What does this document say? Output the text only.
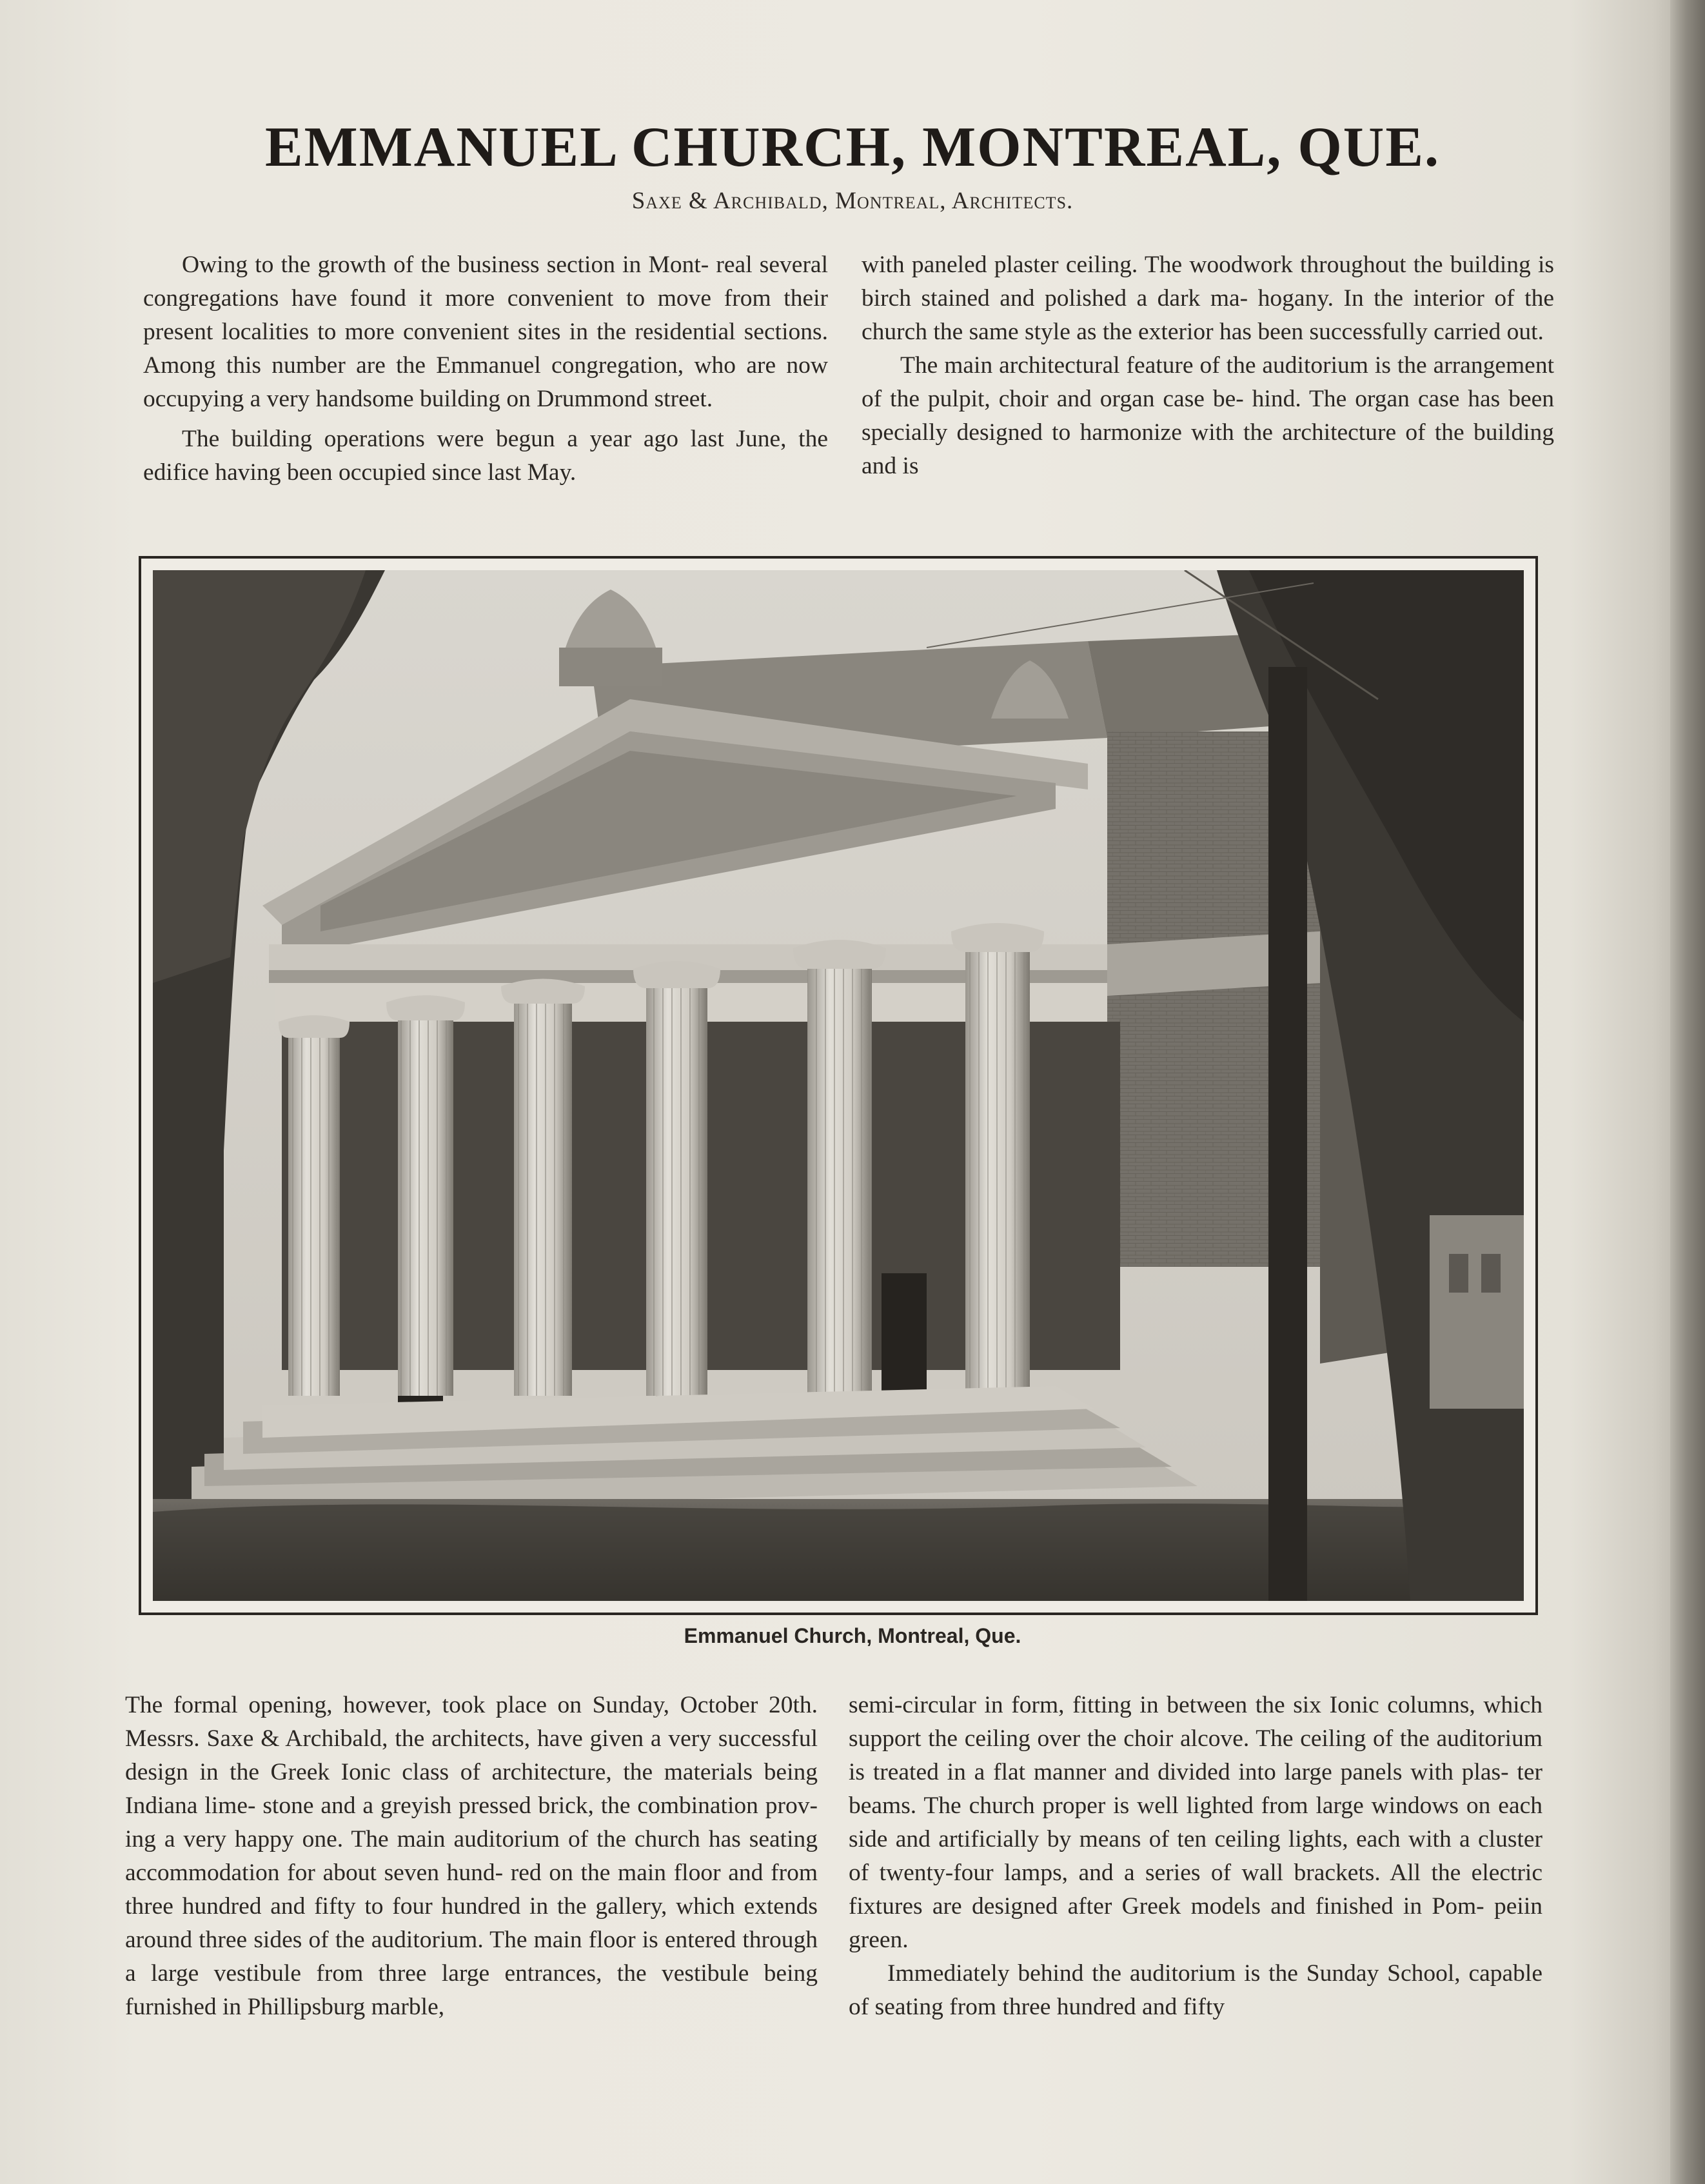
EMMANUEL CHURCH, MONTREAL, QUE.
Saxe & Archibald, Montreal, Architects.

Owing to the growth of the business section in Mont- real several congregations have found it more convenient to move from their present localities to more convenient sites in the residential sections. Among this number are the Emmanuel congregation, who are now occupying a very handsome building on Drummond street.

The building operations were begun a year ago last June, the edifice having been occupied since last May.

with paneled plaster ceiling. The woodwork throughout the building is birch stained and polished a dark ma- hogany. In the interior of the church the same style as the exterior has been successfully carried out.

The main architectural feature of the auditorium is the arrangement of the pulpit, choir and organ case be- hind. The organ case has been specially designed to harmonize with the architecture of the building and is

Emmanuel Church, Montreal, Que.

The formal opening, however, took place on Sunday, October 20th. Messrs. Saxe & Archibald, the architects, have given a very successful design in the Greek Ionic class of architecture, the materials being Indiana lime- stone and a greyish pressed brick, the combination prov- ing a very happy one. The main auditorium of the church has seating accommodation for about seven hund- red on the main floor and from three hundred and fifty to four hundred in the gallery, which extends around three sides of the auditorium. The main floor is entered through a large vestibule from three large entrances, the vestibule being furnished in Phillipsburg marble,

semi-circular in form, fitting in between the six Ionic columns, which support the ceiling over the choir alcove. The ceiling of the auditorium is treated in a flat manner and divided into large panels with plas- ter beams. The church proper is well lighted from large windows on each side and artificially by means of ten ceiling lights, each with a cluster of twenty-four lamps, and a series of wall brackets. All the electric fixtures are designed after Greek models and finished in Pom- peiin green.

Immediately behind the auditorium is the Sunday School, capable of seating from three hundred and fifty
